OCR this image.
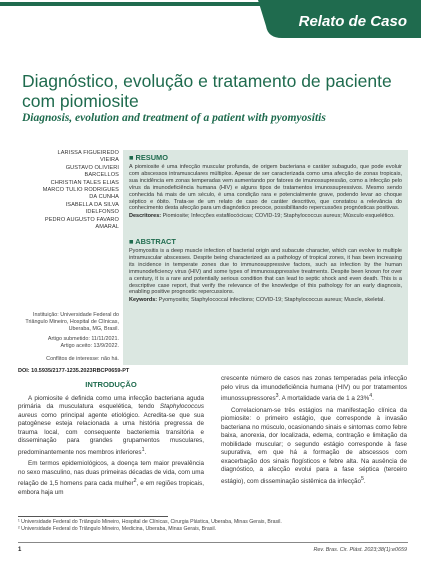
Relato de Caso
Diagnóstico, evolução e tratamento de paciente com piomiosite
Diagnosis, evolution and treatment of a patient with pyomyositis
LARISSA FIGUEIREDO
VIEIRA
GUSTAVO OLIVIERI
BARCELLOS
CHRISTIAN TALES ELIAS
MARCO TULIO RODRIGUES
DA CUNHA
ISABELLA DA SILVA
IDELFONSO
PEDRO AUGUSTO FAVARO
AMARAL
Instituição: Universidade Federal do Triângulo Mineiro, Hospital de Clínicas, Uberaba, MG, Brasil.
Artigo submetido: 11/11/2021.
Artigo aceito: 13/9/2022.
Conflitos de interesse: não há.
■ RESUMO

A piomiosite é uma infecção muscular profunda, de origem bacteriana e caráter subagudo, que pode evoluir com abscessos intramusculares múltiplos. Apesar de ser caracterizada como uma afecção de zonas tropicais, sua incidência em zonas temperadas vem aumentando por fatores de imunossupressão, como a infecção pelo vírus da imunodeficiência humana (HIV) e alguns tipos de tratamentos imunossupressivos. Mesmo sendo conhecida há mais de um século, é uma condição rara e potencialmente grave, podendo levar ao choque séptico e óbito. Trata-se de um relato de caso de caráter descritivo, que constatou a relevância do conhecimento desta afecção para um diagnóstico precoce, possibilitando repercussões prognósticas positivas.

Descritores: Piomiosite; Infecções estafilocócicas; COVID-19; Staphylococcus aureus; Músculo esquelético.

■ ABSTRACT

Pyomyositis is a deep muscle infection of bacterial origin and subacute character, which can evolve to multiple intramuscular abscesses. Despite being characterized as a pathology of tropical zones, it has been increasing its incidence in temperate zones due to immunosuppressive factors, such as infection by the human immunodeficiency virus (HIV) and some types of immunosuppressive treatments. Despite been known for over a century, it is a rare and potentially serious condition that can lead to septic shock and even death. This is a descriptive case report, that verify the relevance of the knowledge of this pathology for an early diagnosis, enabling positive prognostic repercussions.

Keywords: Pyomyositis; Staphylococcal infections; COVID-19; Staphylococcus aureus; Muscle, skeletal.

DOI: 10.5935/2177-1235.2023RBCP0659-PT
INTRODUÇÃO

A piomiosite é definida como uma infecção bacteriana aguda primária da musculatura esquelética, tendo Staphylococcus aureus como principal agente etiológico. Acredita-se que sua patogênese esteja relacionada a uma história pregressa de trauma local, com consequente bacteriemia transitória e disseminação para grandes grupamentos musculares, predominantemente nos membros inferiores$^1$.

Em termos epidemiológicos, a doença tem maior prevalência no sexo masculino, nas duas primeiras décadas de vida, com uma relação de 1,5 homens para cada mulher$^2$, e em regiões tropicais, embora haja um

crescente número de casos nas zonas temperadas pela infecção pelo vírus da imunodeficiência humana (HIV) ou por tratamentos imunossupressores$^3$. A mortalidade varia de 1 a 23%$^4$.

Correlacionam-se três estágios na manifestação clínica da piomiosite: o primeiro estágio, que corresponde à invasão bacteriana no músculo, ocasionando sinais e sintomas como febre baixa, anorexia, dor localizada, edema, contração e limitação da mobilidade muscular; o segundo estágio corresponde à fase supurativa, em que há a formação de abscessos com exacerbação dos sinais flogísticos e febre alta. Na ausência de diagnóstico, a afecção evolui para a fase séptica (terceiro estágio), com disseminação sistêmica da infecção$^5$.

¹ Universidade Federal do Triângulo Mineiro, Hospital de Clínicas, Cirurgia Plástica, Uberaba, Minas Gerais, Brasil.
² Universidade Federal do Triângulo Mineiro, Medicina, Uberaba, Minas Gerais, Brasil.
1	Rev. Bras. Cir. Plást. 2023;38(1):e0659
